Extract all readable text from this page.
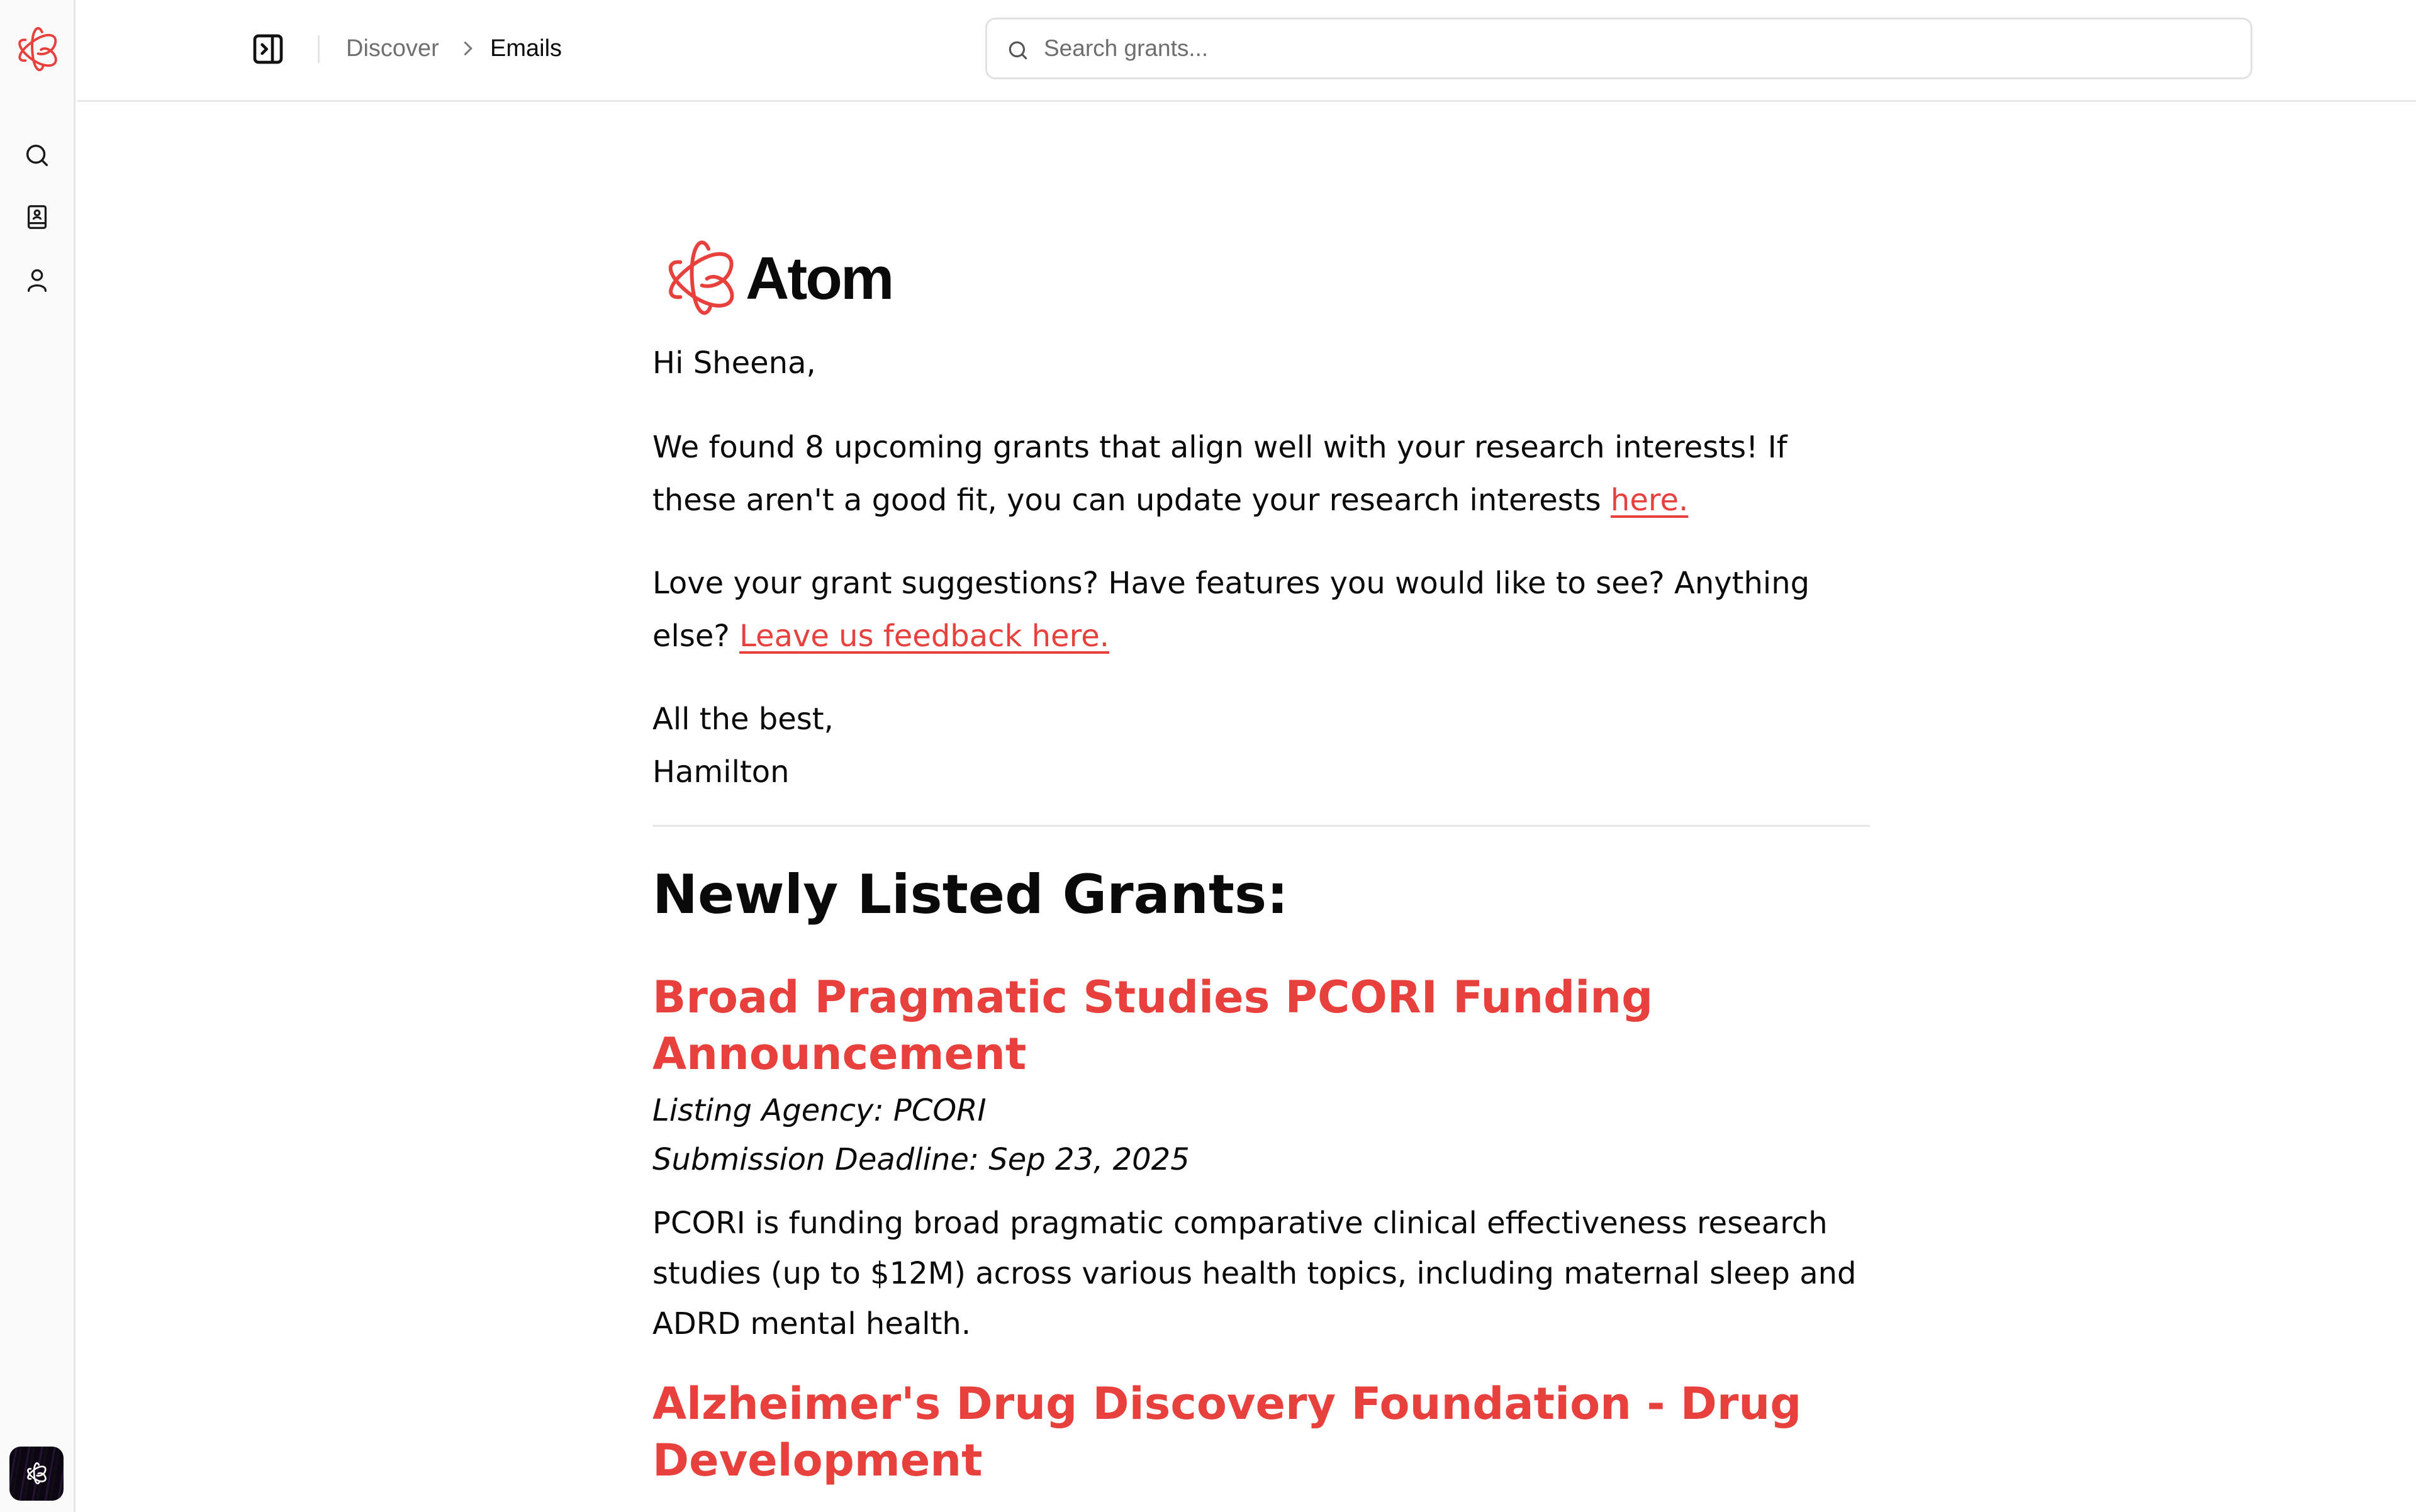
Discover Emails
Search grants...
Atom

Hi Sheena,

We found 8 upcoming grants that align well with your research interests! If these aren't a good fit, you can update your research interests here.

Love your grant suggestions? Have features you would like to see? Anything else? Leave us feedback here.

All the best,
Hamilton
Newly Listed Grants:
Broad Pragmatic Studies PCORI Funding Announcement
Listing Agency: PCORI
Submission Deadline: Sep 23, 2025

PCORI is funding broad pragmatic comparative clinical effectiveness research studies (up to $12M) across various health topics, including maternal sleep and ADRD mental health.

Alzheimer's Drug Discovery Foundation - Drug Development
